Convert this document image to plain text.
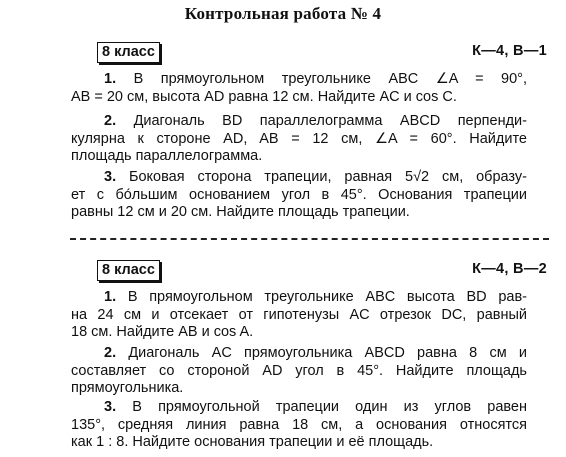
Контрольная работа № 4
8 класс	К—4, В—1
1. В прямоугольном треугольнике ABC ∠A = 90°,
AB = 20 см, высота AD равна 12 см. Найдите AC и cos C.
2. Диагональ BD параллелограмма ABCD перпенди-
кулярна к стороне AD, AB = 12 см, ∠A = 60°. Найдите
площадь параллелограмма.
3. Боковая сторона трапеции, равная 5√2 см, образу-
ет с бо́льшим основанием угол в 45°. Основания трапеции
равны 12 см и 20 см. Найдите площадь трапеции.
8 класс	К—4, В—2
1. В прямоугольном треугольнике ABC высота BD рав-
на 24 см и отсекает от гипотенузы AC отрезок DC, равный
18 см. Найдите AB и cos A.
2. Диагональ AC прямоугольника ABCD равна 8 см и
составляет со стороной AD угол в 45°. Найдите площадь
прямоугольника.
3. В прямоугольной трапеции один из углов равен
135°, средняя линия равна 18 см, а основания относятся
как 1 : 8. Найдите основания трапеции и её площадь.
